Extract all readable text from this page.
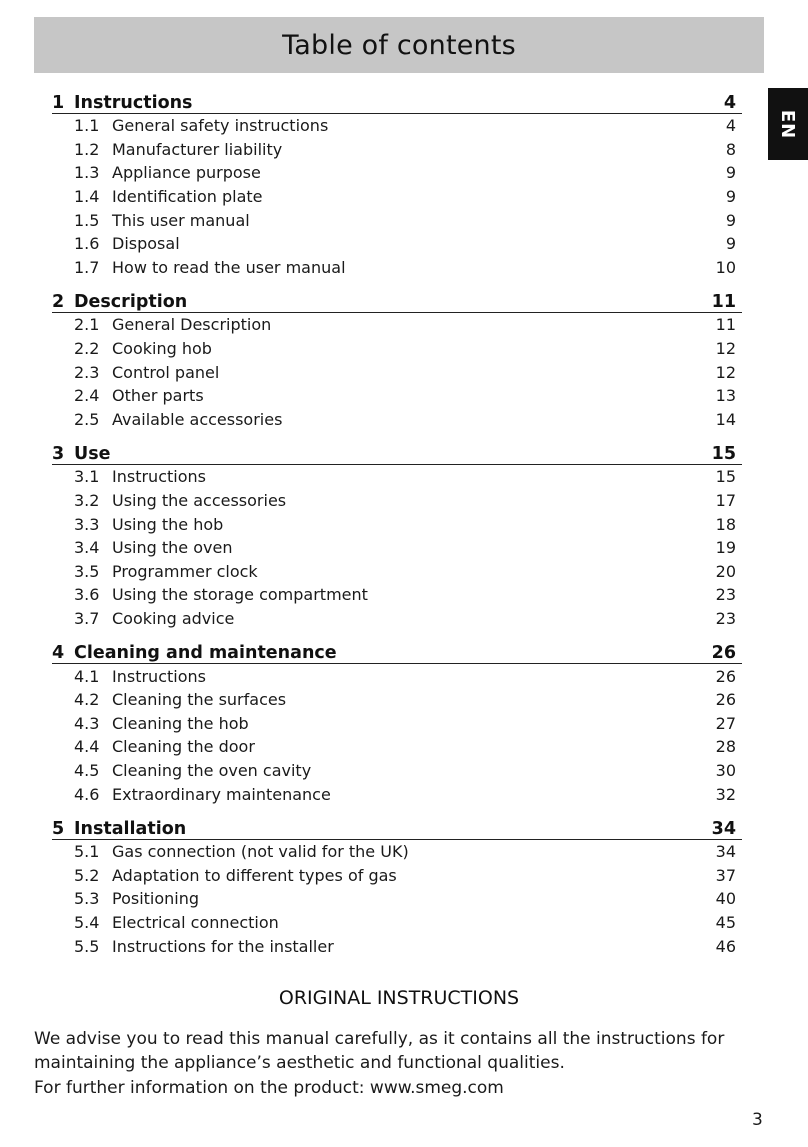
Table of contents
EN
1 Instructions	4
1.1 General safety instructions	4
1.2 Manufacturer liability	8
1.3 Appliance purpose	9
1.4 Identification plate	9
1.5 This user manual	9
1.6 Disposal	9
1.7 How to read the user manual	10
2 Description	11
2.1 General Description	11
2.2 Cooking hob	12
2.3 Control panel	12
2.4 Other parts	13
2.5 Available accessories	14
3 Use	15
3.1 Instructions	15
3.2 Using the accessories	17
3.3 Using the hob	18
3.4 Using the oven	19
3.5 Programmer clock	20
3.6 Using the storage compartment	23
3.7 Cooking advice	23
4 Cleaning and maintenance	26
4.1 Instructions	26
4.2 Cleaning the surfaces	26
4.3 Cleaning the hob	27
4.4 Cleaning the door	28
4.5 Cleaning the oven cavity	30
4.6 Extraordinary maintenance	32
5 Installation	34
5.1 Gas connection (not valid for the UK)	34
5.2 Adaptation to different types of gas	37
5.3 Positioning	40
5.4 Electrical connection	45
5.5 Instructions for the installer	46
ORIGINAL INSTRUCTIONS

We advise you to read this manual carefully, as it contains all the instructions for maintaining the appliance’s aesthetic and functional qualities.

For further information on the product: www.smeg.com

3
